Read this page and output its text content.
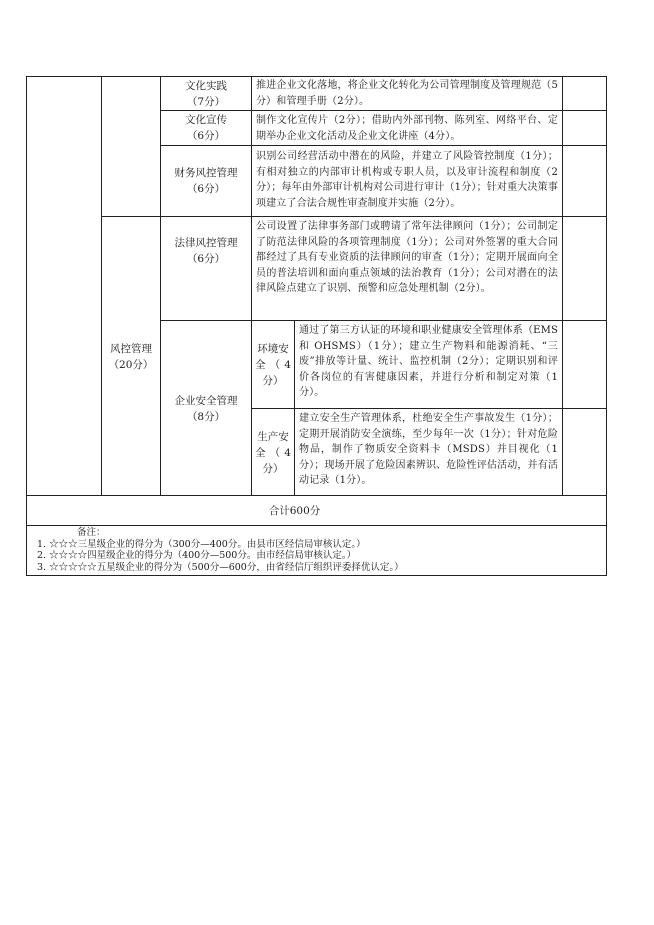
文化实践
（7分）
推进企业文化落地，将企业文化转化为公司管理制度及管理规范（5分）和管理手册（2分）。
文化宣传
（6分）
制作文化宣传片（2分）；借助内外部刊物、陈列室、网络平台、定期举办企业文化活动及企业文化讲座（4分）。
财务风控管理
（6分）
识别公司经营活动中潜在的风险，并建立了风险管控制度（1分）；有相对独立的内部审计机构或专职人员，以及审计流程和制度（2分）；每年由外部审计机构对公司进行审计（1分）；针对重大决策事项建立了合法合规性审查制度并实施（2分）。
法律风控管理
（6分）
公司设置了法律事务部门或聘请了常年法律顾问（1分）；公司制定了防范法律风险的各项管理制度（1分）；公司对外签署的重大合同都经过了具有专业资质的法律顾问的审查（1分）；定期开展面向全员的普法培训和面向重点领域的法治教育（1分）；公司对潜在的法律风险点建立了识别、预警和应急处理机制（2分）。
风控管理
（20分）
企业安全管理
（8分）
环境安
全（4
分）
通过了第三方认证的环境和职业健康安全管理体系（EMS 和 OHSMS）（1分）；建立生产物料和能源消耗、“三废”排放等计量、统计、监控机制（2分）；定期识别和评价各岗位的有害健康因素，并进行分析和制定对策（1分）。
生产安
全（4
分）
建立安全生产管理体系，杜绝安全生产事故发生（1分）；定期开展消防安全演练，至少每年一次（1分）；针对危险物品，制作了物质安全资料卡（MSDS）并目视化（1分）；现场开展了危险因素辨识、危险性评估活动，并有活动记录（1分）。
合计600分
备注：
1. ☆☆☆三星级企业的得分为（300分—400分。由县市区经信局审核认定。）
2. ☆☆☆☆四星级企业的得分为（400分—500分。由市经信局审核认定。）
3. ☆☆☆☆☆五星级企业的得分为（500分—600分，由省经信厅组织评委择优认定。）
